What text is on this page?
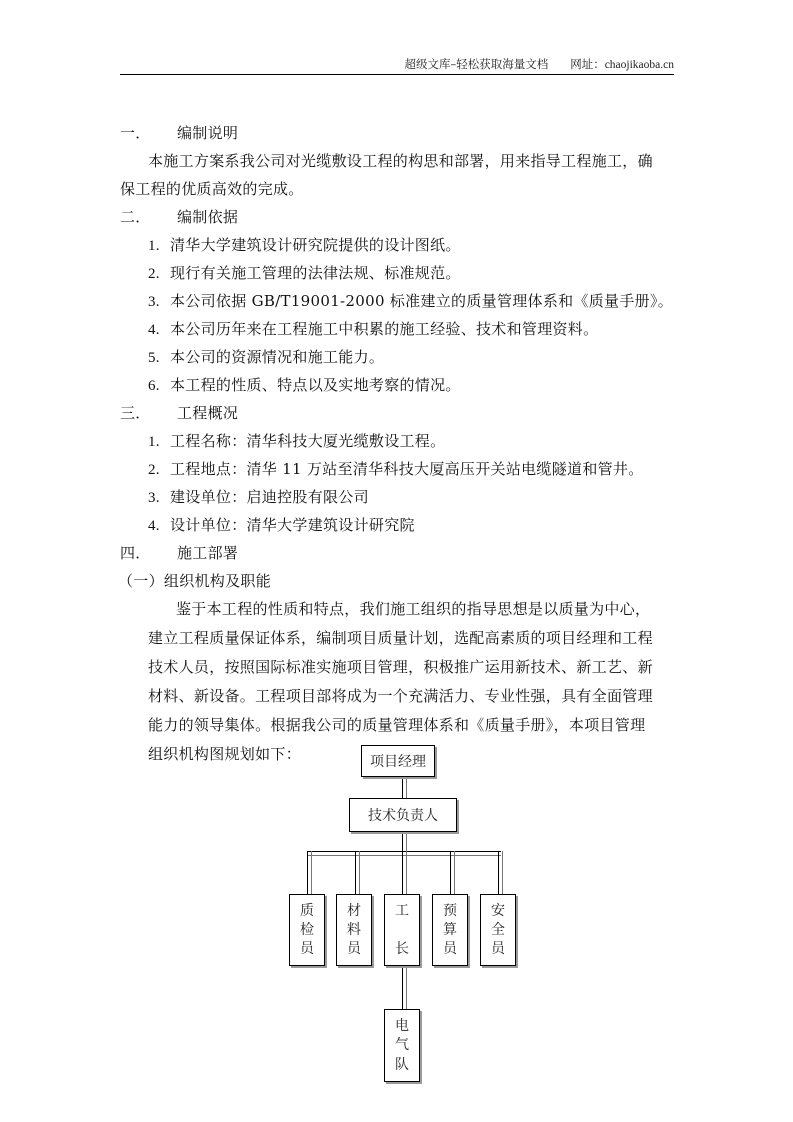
超级文库–轻松获取海量文档 网址：chaojikaoba.cn
一． 编制说明
本施工方案系我公司对光缆敷设工程的构思和部署，用来指导工程施工，确
保工程的优质高效的完成。
二． 编制依据
1. 清华大学建筑设计研究院提供的设计图纸。
2. 现行有关施工管理的法律法规、标准规范。
3. 本公司依据 GB/T19001-2000 标准建立的质量管理体系和《质量手册》。
4. 本公司历年来在工程施工中积累的施工经验、技术和管理资料。
5. 本公司的资源情况和施工能力。
6. 本工程的性质、特点以及实地考察的情况。
三． 工程概况
1. 工程名称：清华科技大厦光缆敷设工程。
2. 工程地点：清华 11 万站至清华科技大厦高压开关站电缆隧道和管井。
3. 建设单位：启迪控股有限公司
4. 设计单位：清华大学建筑设计研究院
四． 施工部署
（一）组织机构及职能
鉴于本工程的性质和特点，我们施工组织的指导思想是以质量为中心，
建立工程质量保证体系，编制项目质量计划，选配高素质的项目经理和工程
技术人员，按照国际标准实施项目管理，积极推广运用新技术、新工艺、新
材料、新设备。工程项目部将成为一个充满活力、专业性强，具有全面管理
能力的领导集体。根据我公司的质量管理体系和《质量手册》，本项目管理
组织机构图规划如下：	项目经理
技术负责人
质
检
员
材
料
员
工

长
预
算
员
安
全
员
电
气
队
